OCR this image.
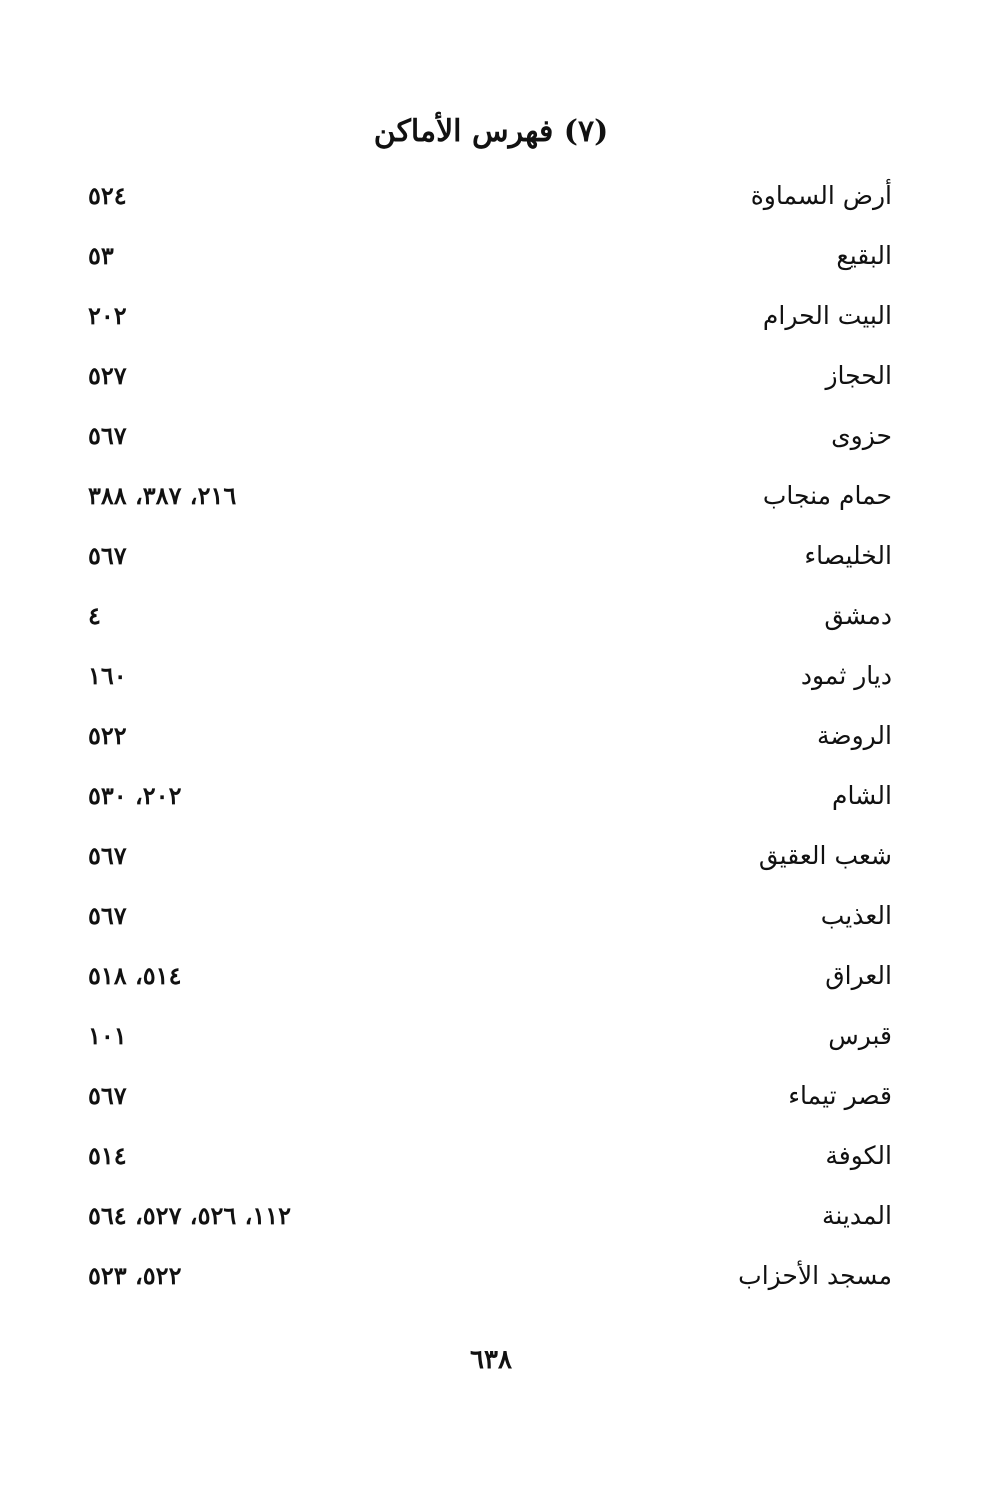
(٧) فهرس الأماكن
أرض السماوة
٥٢٤
البقيع
٥٣
البيت الحرام
٢٠٢
الحجاز
٥٢٧
حزوى
٥٦٧
حمام منجاب
٢١٦، ٣٨٧، ٣٨٨
الخليصاء
٥٦٧
دمشق
٤
ديار ثمود
١٦٠
الروضة
٥٢٢
الشام
٢٠٢، ٥٣٠
شعب العقيق
٥٦٧
العذيب
٥٦٧
العراق
٥١٤، ٥١٨
قبرس
١٠١
قصر تيماء
٥٦٧
الكوفة
٥١٤
المدينة
١١٢، ٥٢٦، ٥٢٧، ٥٦٤
مسجد الأحزاب
٥٢٢، ٥٢٣
٦٣٨
